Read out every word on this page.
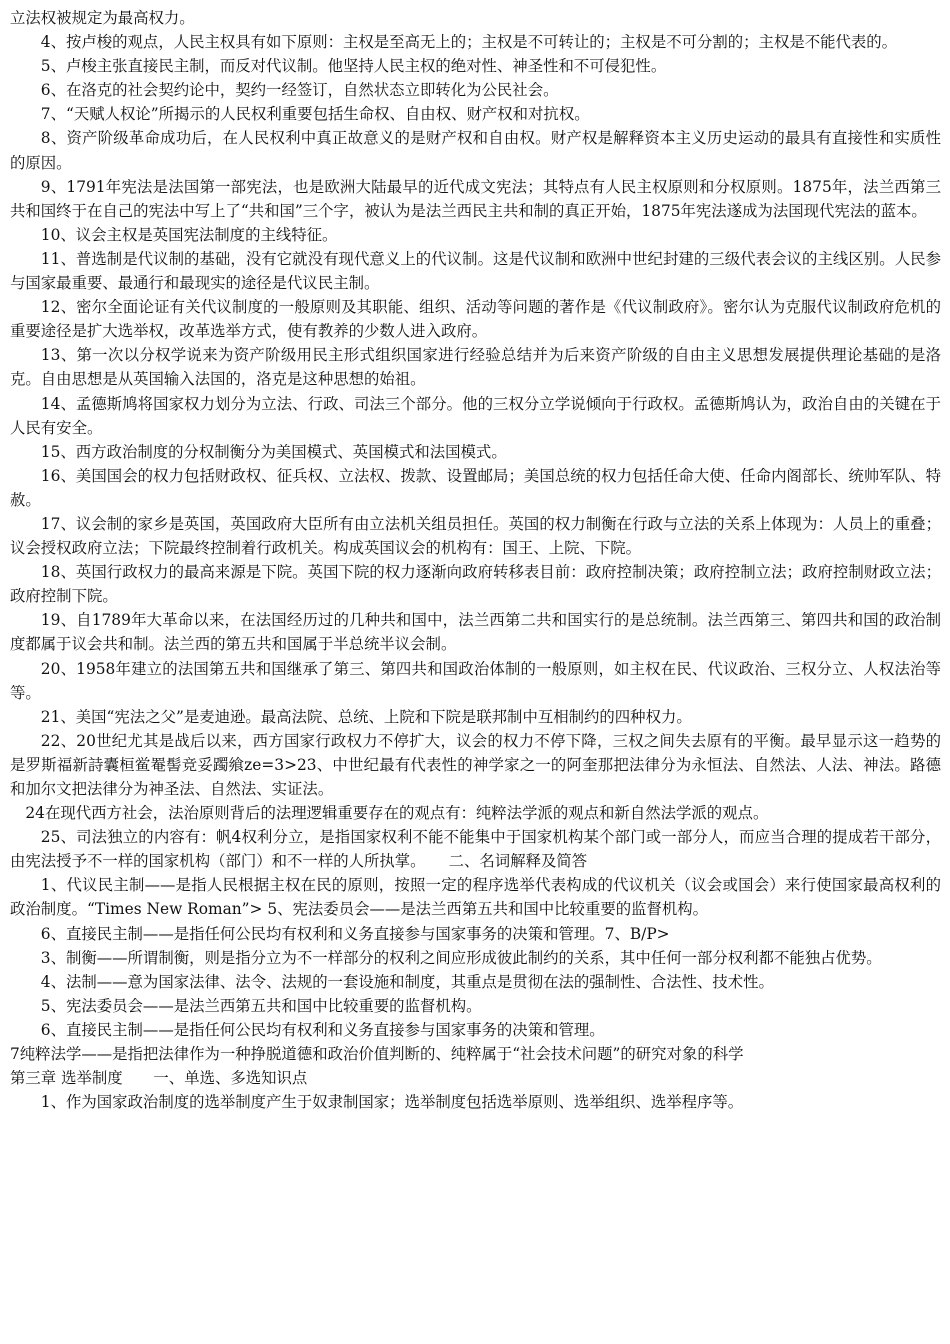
立法权被规定为最高权力。

4、按卢梭的观点，人民主权具有如下原则：主权是至高无上的；主权是不可转让的；主权是不可分割的；主权是不能代表的。

5、卢梭主张直接民主制，而反对代议制。他坚持人民主权的绝对性、神圣性和不可侵犯性。

6、在洛克的社会契约论中，契约一经签订，自然状态立即转化为公民社会。

7、“天赋人权论”所揭示的人民权利重要包括生命权、自由权、财产权和对抗权。

8、资产阶级革命成功后，在人民权利中真正故意义的是财产权和自由权。财产权是解释资本主义历史运动的最具有直接性和实质性的原因。

9、1791年宪法是法国第一部宪法，也是欧洲大陆最早的近代成文宪法；其特点有人民主权原则和分权原则。1875年，法兰西第三共和国终于在自己的宪法中写上了“共和国”三个字，被认为是法兰西民主共和制的真正开始，1875年宪法遂成为法国现代宪法的蓝本。

10、议会主权是英国宪法制度的主线特征。

11、普选制是代议制的基础，没有它就没有现代意义上的代议制。这是代议制和欧洲中世纪封建的三级代表会议的主线区别。人民参与国家最重要、最通行和最现实的途径是代议民主制。

12、密尔全面论证有关代议制度的一般原则及其职能、组织、活动等问题的著作是《代议制政府》。密尔认为克服代议制政府危机的重要途径是扩大选举权，改革选举方式，使有教养的少数人进入政府。

13、第一次以分权学说来为资产阶级用民主形式组织国家进行经验总结并为后来资产阶级的自由主义思想发展提供理论基础的是洛克。自由思想是从英国输入法国的，洛克是这种思想的始祖。

14、孟德斯鸠将国家权力划分为立法、行政、司法三个部分。他的三权分立学说倾向于行政权。孟德斯鸠认为，政治自由的关键在于人民有安全。

15、西方政治制度的分权制衡分为美国模式、英国模式和法国模式。

16、美国国会的权力包括财政权、征兵权、立法权、拨款、设置邮局；美国总统的权力包括任命大使、任命内阁部长、统帅军队、特赦。

17、议会制的家乡是英国，英国政府大臣所有由立法机关组员担任。英国的权力制衡在行政与立法的关系上体现为：人员上的重叠；议会授权政府立法；下院最终控制着行政机关。构成英国议会的机构有：国王、上院、下院。

18、英国行政权力的最高来源是下院。英国下院的权力逐渐向政府转移表目前：政府控制决策；政府控制立法；政府控制财政立法；政府控制下院。

19、自1789年大革命以来，在法国经历过的几种共和国中，法兰西第二共和国实行的是总统制。法兰西第三、第四共和国的政治制度都属于议会共和制。法兰西的第五共和国属于半总统半议会制。

20、1958年建立的法国第五共和国继承了第三、第四共和国政治体制的一般原则，如主权在民、代议政治、三权分立、人权法治等等。

21、美国“宪法之父”是麦迪逊。最高法院、总统、上院和下院是联邦制中互相制约的四种权力。

22、20世纪尤其是战后以来，西方国家行政权力不停扩大，议会的权力不停下降，三权之间失去原有的平衡。最早显示这一趋势的是罗斯福新詩囊桓鲎罨髻竞妥躅飨ze=3>23、中世纪最有代表性的神学家之一的阿奎那把法律分为永恒法、自然法、人法、神法。路德和加尔文把法律分为神圣法、自然法、实证法。

24在现代西方社会，法治原则背后的法理逻辑重要存在的观点有：纯粹法学派的观点和新自然法学派的观点。

25、司法独立的内容有：帆4权利分立，是指国家权利不能不能集中于国家机构某个部门或一部分人，而应当合理的提成若干部分，由宪法授予不一样的国家机构（部门）和不一样的人所执掌。　　二、名词解释及简答

1、代议民主制——是指人民根据主权在民的原则，按照一定的程序选举代表构成的代议机关（议会或国会）来行使国家最高权利的政治制度。“Times New Roman”> 5、宪法委员会——是法兰西第五共和国中比较重要的监督机构。

6、直接民主制——是指任何公民均有权利和义务直接参与国家事务的决策和管理。7、B/P>

3、制衡——所谓制衡，则是指分立为不一样部分的权利之间应形成彼此制约的关系，其中任何一部分权利都不能独占优势。

4、法制——意为国家法律、法令、法规的一套设施和制度，其重点是贯彻在法的强制性、合法性、技术性。

5、宪法委员会——是法兰西第五共和国中比较重要的监督机构。

6、直接民主制——是指任何公民均有权利和义务直接参与国家事务的决策和管理。

7纯粹法学——是指把法律作为一种挣脱道德和政治价值判断的、纯粹属于“社会技术问题”的研究对象的科学

第三章 选举制度　　一、单选、多选知识点

1、作为国家政治制度的选举制度产生于奴隶制国家；选举制度包括选举原则、选举组织、选举程序等。
